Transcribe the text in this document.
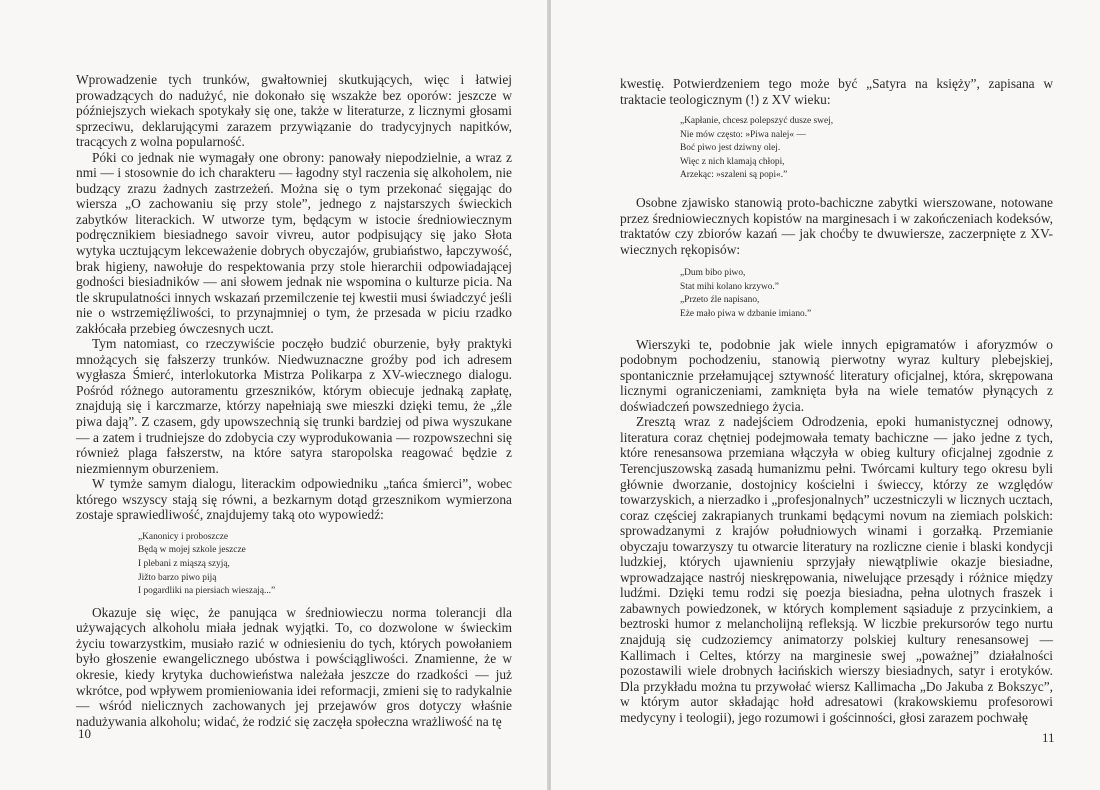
Wprowadzenie tych trunków, gwałtowniej skutkujących, więc i łatwiej prowadzących do nadużyć, nie dokonało się wszakże bez oporów: jeszcze w późniejszych wiekach spotykały się one, także w literaturze, z licznymi głosami sprzeciwu, deklarującymi zarazem przywiązanie do tradycyjnych napitków, tracących z wolna popularność.

Póki co jednak nie wymagały one obrony: panowały niepodzielnie, a wraz z nmi — i stosownie do ich charakteru — łagodny styl raczenia się alkoholem, nie budzący zrazu żadnych zastrzeżeń. Można się o tym przekonać sięgając do wiersza „O zachowaniu się przy stole”, jednego z najstarszych świeckich zabytków literackich. W utworze tym, będącym w istocie średniowiecznym podręcznikiem biesiadnego savoir vivreu, autor podpisujący się jako Słota wytyka ucztującym lekceważenie dobrych obyczajów, grubiaństwo, łapczywość, brak higieny, nawołuje do respektowania przy stole hierarchii odpowiadającej godności biesiadników — ani słowem jednak nie wspomina o kulturze picia. Na tle skrupulatności innych wskazań przemilczenie tej kwestii musi świadczyć jeśli nie o wstrzemięźliwości, to przynajmniej o tym, że przesada w piciu rzadko zakłócała przebieg ówczesnych uczt.

Tym natomiast, co rzeczywiście poczęło budzić oburzenie, były praktyki mnożących się fałszerzy trunków. Niedwuznaczne groźby pod ich adresem wygłasza Śmierć, interlokutorka Mistrza Polikarpa z XV-wiecznego dialogu. Pośród różnego autoramentu grzeszników, którym obiecuje jednaką zapłatę, znajdują się i karczmarze, którzy napełniają swe mieszki dzięki temu, że „źle piwa dają”. Z czasem, gdy upowszechnią się trunki bardziej od piwa wyszukane — a zatem i trudniejsze do zdobycia czy wyprodukowania — rozpowszechni się również plaga fałszerstw, na które satyra staropolska reagować będzie z niezmiennym oburzeniem.

W tymże samym dialogu, literackim odpowiedniku „tańca śmierci”, wobec którego wszyscy stają się równi, a bezkarnym dotąd grzesznikom wymierzona zostaje sprawiedliwość, znajdujemy taką oto wypowiedź:

„Kanonicy i proboszcze
Będą w mojej szkole jeszcze
I plebani z miąszą szyją,
Jižto barzo piwo piją
I pogardliki na piersiach wieszają...”

Okazuje się więc, że panująca w średniowieczu norma tolerancji dla używających alkoholu miała jednak wyjątki. To, co dozwolone w świeckim życiu towarzystkim, musiało razić w odniesieniu do tych, których powołaniem było głoszenie ewangelicznego ubóstwa i powściągliwości. Znamienne, że w okresie, kiedy krytyka duchowieństwa należała jeszcze do rzadkości — już wkrótce, pod wpływem promieniowania idei reformacji, zmieni się to radykalnie — wśród nielicznych zachowanych jej przejawów gros dotyczy właśnie nadużywania alkoholu; widać, że rodzić się zaczęła społeczna wrażliwość na tę

10

kwestię. Potwierdzeniem tego może być „Satyra na księży”, zapisana w traktacie teologicznym (!) z XV wieku:

„Kapłanie, chcesz polepszyć dusze swej,
Nie mów często: »Piwa nalej« —
Boć piwo jest dziwny olej.
Więc z nich klamają chłopi,
Arzekąc: »szaleni są popi«.”

Osobne zjawisko stanowią proto-bachiczne zabytki wierszowane, notowane przez średniowiecznych kopistów na marginesach i w zakończeniach kodeksów, traktatów czy zbiorów kazań — jak choćby te dwuwiersze, zaczerpnięte z XV-wiecznych rękopisów:

„Dum bibo piwo,
Stat mihi kolano krzywo.”
„Przeto źle napisano,
Eże mało piwa w dzbanie imiano.”

Wierszyki te, podobnie jak wiele innych epigramatów i aforyzmów o podobnym pochodzeniu, stanowią pierwotny wyraz kultury plebejskiej, spontanicznie przełamującej sztywność literatury oficjalnej, która, skrępowana licznymi ograniczeniami, zamknięta była na wiele tematów płynących z doświadczeń powszedniego życia.

Zresztą wraz z nadejściem Odrodzenia, epoki humanistycznej odnowy, literatura coraz chętniej podejmowała tematy bachiczne — jako jedne z tych, które renesansowa przemiana włączyła w obieg kultury oficjalnej zgodnie z Terencjuszowską zasadą humanizmu pełni. Twórcami kultury tego okresu byli głównie dworzanie, dostojnicy kościelni i świeccy, którzy ze względów towarzyskich, a nierzadko i „profesjonalnych” uczestniczyli w licznych ucztach, coraz częściej zakrapianych trunkami będącymi novum na ziemiach polskich: sprowadzanymi z krajów południowych winami i gorzałką. Przemianie obyczaju towarzyszy tu otwarcie literatury na rozliczne cienie i blaski kondycji ludzkiej, których ujawnieniu sprzyjały niewątpliwie okazje biesiadne, wprowadzające nastrój nieskrępowania, niwelujące przesądy i różnice między ludźmi. Dzięki temu rodzi się poezja biesiadna, pełna ulotnych fraszek i zabawnych powiedzonek, w których komplement sąsiaduje z przycinkiem, a beztroski humor z melancholijną refleksją. W liczbie prekursorów tego nurtu znajdują się cudzoziemcy animatorzy polskiej kultury renesansowej — Kallimach i Celtes, którzy na marginesie swej „poważnej” działalności pozostawili wiele drobnych łacińskich wierszy biesiadnych, satyr i erotyków. Dla przykładu można tu przywołać wiersz Kallimacha „Do Jakuba z Bokszyc”, w którym autor składając hołd adresatowi (krakowskiemu profesorowi medycyny i teologii), jego rozumowi i gościnności, głosi zarazem pochwałę

11
